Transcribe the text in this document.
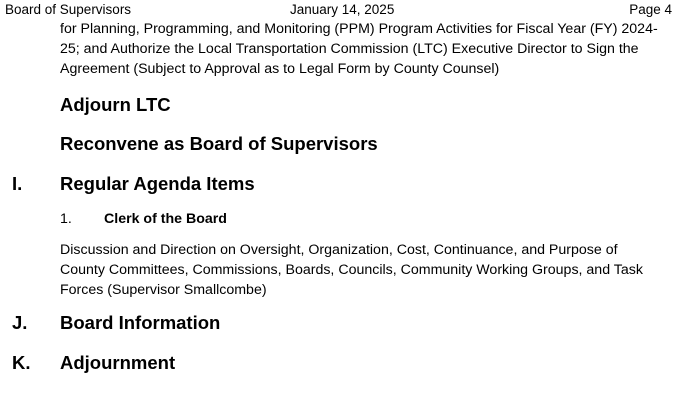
Board of Supervisors	January 14, 2025	Page 4
for Planning, Programming, and Monitoring (PPM) Program Activities for Fiscal Year (FY) 2024-25; and Authorize the Local Transportation Commission (LTC) Executive Director to Sign the Agreement (Subject to Approval as to Legal Form by County Counsel)
Adjourn LTC
Reconvene as Board of Supervisors
I. Regular Agenda Items
1. Clerk of the Board
Discussion and Direction on Oversight, Organization, Cost, Continuance, and Purpose of County Committees, Commissions, Boards, Councils, Community Working Groups, and Task Forces (Supervisor Smallcombe)
J. Board Information
K. Adjournment
